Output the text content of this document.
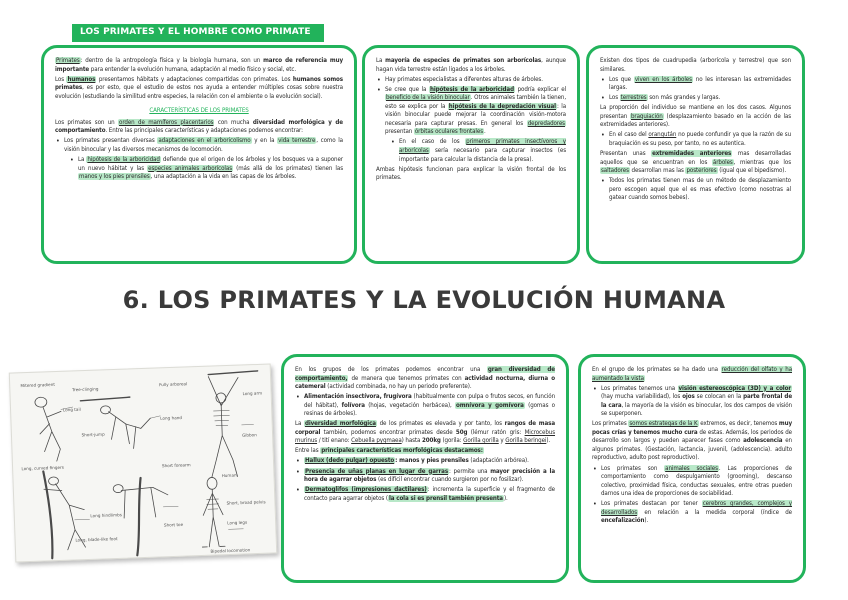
LOS PRIMATES Y EL HOMBRE COMO PRIMATE

Primates: dentro de la antropología física y la biología humana, son un marco de referencia muy importante para entender la evolución humana, adaptación al medio físico y social, etc.

Los humanos presentamos hábitats y adaptaciones compartidas con primates. Los humanos somos primates, es por esto, que el estudio de estos nos ayuda a entender múltiples cosas sobre nuestra evolución (estudiando la similitud entre especies, la relación con el ambiente o la evolución social).

CARACTERÍSTICAS DE LOS PRIMATES

Los primates son un orden de mamíferos placentarios con mucha diversidad morfológica y de comportamiento. Entre las principales características y adaptaciones podemos encontrar:

• Los primates presentan diversas adaptaciones en el arboricolismo y en la vida terrestre, como la visión binocular y las diversos mecanismos de locomoción.
• La hipótesis de la arboricidad defiende que el origen de los árboles y los bosques va a suponer un nuevo hábitat y las especies animales arborícolas (más allá de los primates) tienen las manos y los pies prensiles, una adaptación a la vida en las capas de los árboles.

La mayoría de especies de primates son arborícolas, aunque hagan vida terrestre están ligados a los árboles.

• Hay primates especialistas a diferentes alturas de árboles.
• Se cree que la hipótesis de la arboricidad podría explicar el beneficio de la visión binocular. Otros animales también la tienen, esto se explica por la hipótesis de la depredación visual: la visión binocular puede mejorar la coordinación visión-motora necesaria para capturar presas. En general los depredadores presentan órbitas oculares frontales.
• En el caso de los primeros primates insectívoros y arborícolas sería necesario para capturar insectos (es importante para calcular la distancia de la presa).

Ambas hipótesis funcionan para explicar la visión frontal de los primates.

Existen dos tipos de cuadrupedia (arborícola y terrestre) que son similares.

• Los que viven en los árboles no les interesan las extremidades largas.
• Los terrestres son más grandes y largas.

La proporción del individuo se mantiene en los dos casos. Algunos presentan braquiación (desplazamiento basado en la acción de las extremidades anteriores).

• En el caso del orangután no puede confundir ya que la razón de su braquiación es su peso, por tanto, no es autentica.

Presentan unas extremidades anteriores mas desarrolladas aquellos que se encuentran en los árboles, mientras que los saltadores desarrollan mas las posteriores (igual que el bipedismo).

• Todos los primates tienen mas de un método de desplazamiento pero escogen aquel que el es mas efectivo (como nosotras al gatear cuando somos bebes).
6. LOS PRIMATES Y LA EVOLUCIÓN HUMANA
Mitered gradient
Tree-clinging
Fully arboreal
Long tail
Long arm
Short-jump
Long hand
Gibbon
Human
Long, curved fingers
Long hindlimbs
Short, broad pelvis
Long legs
Short forearm
Short toe
Long, blade-like foot
Bipedal locomotion

En los grupos de los primates podemos encontrar una gran diversidad de comportamiento, de manera que tenemos primates con actividad nocturna, diurna o catemeral (actividad combinada, no hay un periodo preferente).

• Alimentación insectívora, frugívora (habitualmente con pulpa o frutos secos, en función del hábitat), folívora (hojas, vegetación herbácea), omnívora y gomívora (gomas o resinas de árboles).

La diversidad morfológica de los primates es elevada y por tanto, los rangos de masa corporal también, podemos encontrar primates desde 50g (lémur ratón gris: Microcebus murinus / tití enano: Cebuella pygmaea) hasta 200kg (gorila: Gorilla gorilla y Gorilla beringei).

Entre las principales características morfológicas destacamos:

• Hallux (dedo pulgar) opuesto: manos y pies prensiles (adaptación arbórea).
• Presencia de uñas planas en lugar de garras: permite una mayor precisión a la hora de agarrar objetos (es difícil encontrar cuando surgieron por no fosilizar).
• Dermatoglifos (impresiones dactilares): incrementa la superficie y el fragmento de contacto para agarrar objetos (la cola si es prensil también presenta).

En el grupo de los primates se ha dado una reducción del olfato y ha aumentado la vista

• Los primates tenemos una visión estereoscópica (3D) y a color (hay mucha variabilidad), los ojos se colocan en la parte frontal de la cara, la mayoría de la visión es binocular, los dos campos de visión se superponen.

Los primates somos estrategas de la K extremos, es decir, tenemos muy pocas crías y tenemos mucho cura de estas. Además, los periodos de desarrollo son largos y pueden aparecer fases como adolescencia en algunos primates. (Gestación, lactancia, juvenil, (adolescencia). adulto reproductivo, adulto post reproductivo).

• Los primates son animales sociales. Las proporciones de comportamiento como despulgamiento (grooming), descanso colectivo, proximidad física, conductas sexuales, entre otras pueden darnos una idea de proporciones de sociabilidad.
• Los primates destacan por tener cerebros grandes, complejos y desarrollados en relación a la medida corporal (índice de encefalización).
